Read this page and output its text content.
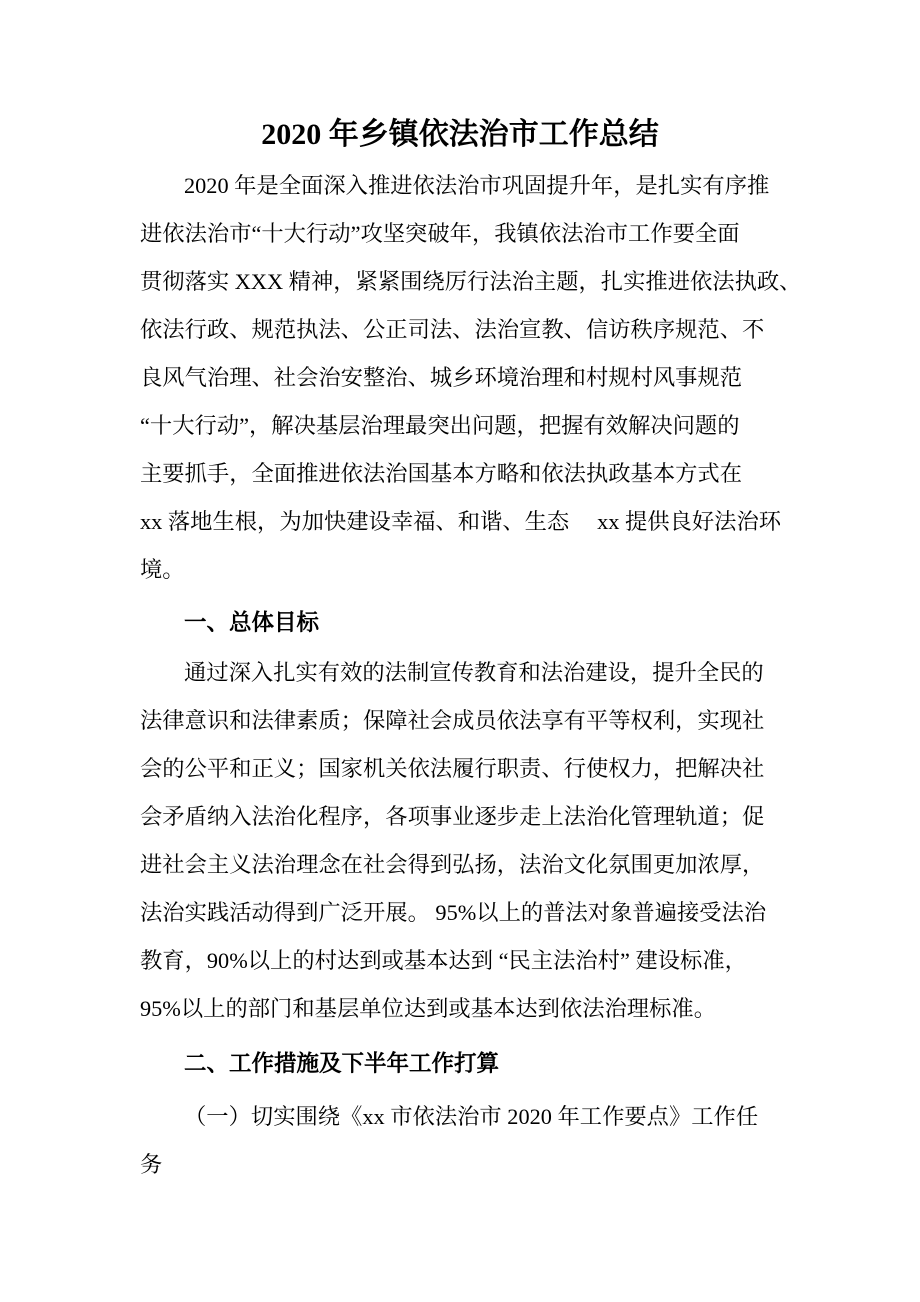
2020 年乡镇依法治市工作总结
2020 年是全面深入推进依法治市巩固提升年，是扎实有序推
进依法治市“十大行动”攻坚突破年，我镇依法治市工作要全面
贯彻落实 XXX 精神，紧紧围绕厉行法治主题，扎实推进依法执政、
依法行政、规范执法、公正司法、法治宣教、信访秩序规范、不
良风气治理、社会治安整治、城乡环境治理和村规村风事规范
“十大行动”，解决基层治理最突出问题，把握有效解决问题的
主要抓手，全面推进依法治国基本方略和依法执政基本方式在
xx 落地生根，为加快建设幸福、和谐、生态　 xx 提供良好法治环
境。
一、总体目标
通过深入扎实有效的法制宣传教育和法治建设，提升全民的
法律意识和法律素质；保障社会成员依法享有平等权利，实现社
会的公平和正义；国家机关依法履行职责、行使权力，把解决社
会矛盾纳入法治化程序，各项事业逐步走上法治化管理轨道；促
进社会主义法治理念在社会得到弘扬，法治文化氛围更加浓厚，
法治实践活动得到广泛开展。 95%以上的普法对象普遍接受法治
教育，90%以上的村达到或基本达到 “民主法治村” 建设标准，
95%以上的部门和基层单位达到或基本达到依法治理标准。
二、工作措施及下半年工作打算
（一）切实围绕《xx 市依法治市 2020 年工作要点》工作任
务
